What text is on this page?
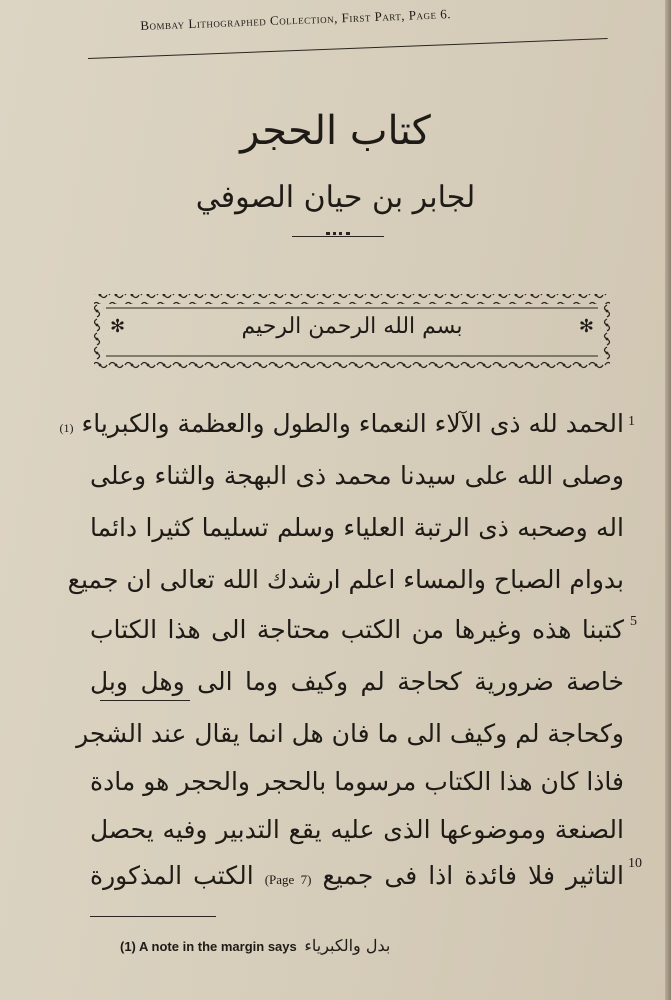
Bombay Lithographed Collection, First Part, Page 6.
كتاب الحجر
لجابر بن حيان الصوفي
✻	بسم الله الرحمن الرحيم	✻
1
5
10
الحمد لله ذى الآلاء النعماء والطول والعظمة والكبرياء (1)
وصلى الله على سيدنا محمد ذى البهجة والثناء وعلى
اله وصحبه ذى الرتبة العلياء وسلم تسليما كثيرا دائما
بدوام الصباح والمساء اعلم ارشدك الله تعالى ان جميع
كتبنا هذه وغيرها من الكتب محتاجة الى هذا الكتاب
خاصة ضرورية كحاجة لم وكيف وما الى وهل وبل
وكحاجة لم وكيف الى ما فان هل انما يقال عند الشجر
فاذا كان هذا الكتاب مرسوما بالحجر والحجر هو مادة
الصنعة وموضوعها الذى عليه يقع التدبير وفيه يحصل
التاثير فلا فائدة اذا فى جميع (Page 7) الكتب المذكورة
(1) A note in the margin says بدل والكبرياء
